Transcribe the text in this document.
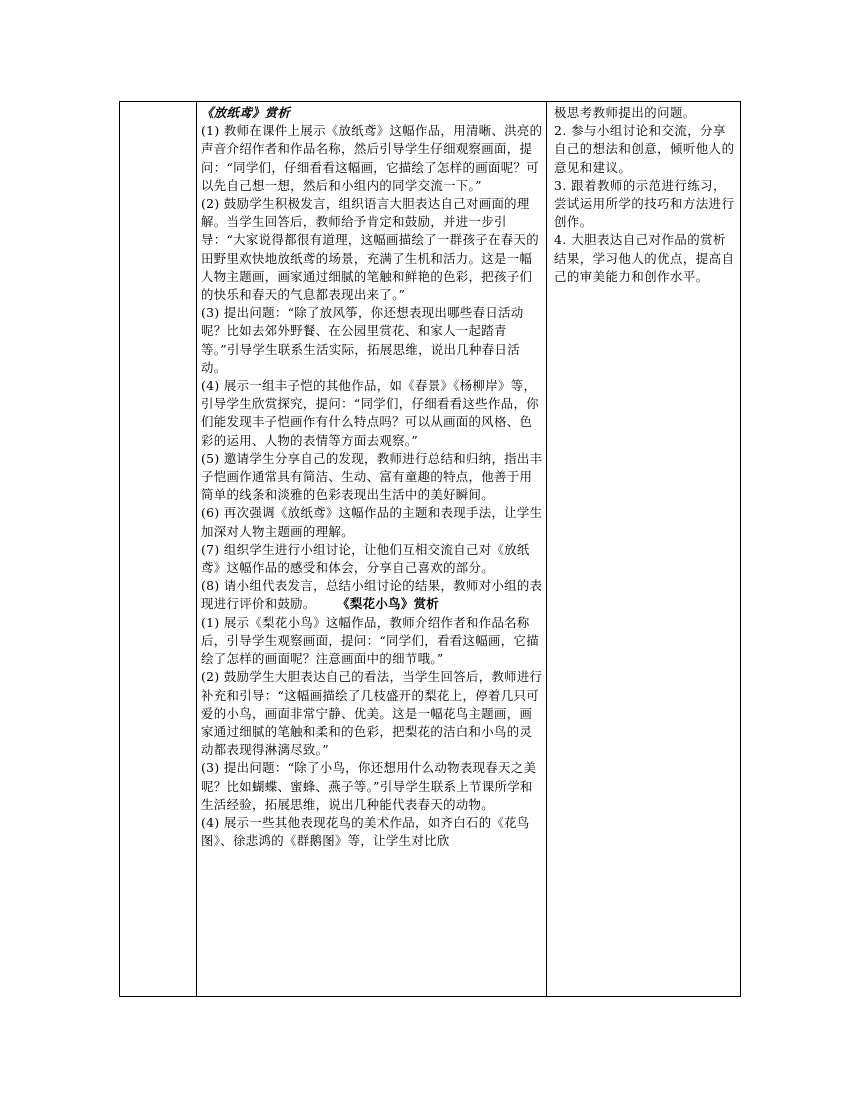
《放纸鸢》赏析

(1) 教师在课件上展示《放纸鸢》这幅作品，用清晰、洪亮的声音介绍作者和作品名称，然后引导学生仔细观察画面，提问：“同学们，仔细看看这幅画，它描绘了怎样的画面呢？可以先自己想一想，然后和小组内的同学交流一下。”

(2) 鼓励学生积极发言，组织语言大胆表达自己对画面的理解。当学生回答后，教师给予肯定和鼓励，并进一步引导：“大家说得都很有道理，这幅画描绘了一群孩子在春天的田野里欢快地放纸鸢的场景，充满了生机和活力。这是一幅人物主题画，画家通过细腻的笔触和鲜艳的色彩，把孩子们的快乐和春天的气息都表现出来了。”

(3) 提出问题：“除了放风筝，你还想表现出哪些春日活动呢？比如去郊外野餐、在公园里赏花、和家人一起踏青等。”引导学生联系生活实际，拓展思维，说出几种春日活动。

(4) 展示一组丰子恺的其他作品，如《春景》《杨柳岸》等，引导学生欣赏探究，提问：“同学们，仔细看看这些作品，你们能发现丰子恺画作有什么特点吗？可以从画面的风格、色彩的运用、人物的表情等方面去观察。”

(5) 邀请学生分享自己的发现，教师进行总结和归纳，指出丰子恺画作通常具有简洁、生动、富有童趣的特点，他善于用简单的线条和淡雅的色彩表现出生活中的美好瞬间。

(6) 再次强调《放纸鸢》这幅作品的主题和表现手法，让学生加深对人物主题画的理解。

(7) 组织学生进行小组讨论，让他们互相交流自己对《放纸鸢》这幅作品的感受和体会，分享自己喜欢的部分。

(8) 请小组代表发言，总结小组讨论的结果，教师对小组的表现进行评价和鼓励。 《梨花小鸟》赏析

(1) 展示《梨花小鸟》这幅作品，教师介绍作者和作品名称后，引导学生观察画面，提问：“同学们，看看这幅画，它描绘了怎样的画面呢？注意画面中的细节哦。”

(2) 鼓励学生大胆表达自己的看法，当学生回答后，教师进行补充和引导：“这幅画描绘了几枝盛开的梨花上，停着几只可爱的小鸟，画面非常宁静、优美。这是一幅花鸟主题画，画家通过细腻的笔触和柔和的色彩，把梨花的洁白和小鸟的灵动都表现得淋漓尽致。”

(3) 提出问题：“除了小鸟，你还想用什么动物表现春天之美呢？比如蝴蝶、蜜蜂、燕子等。”引导学生联系上节课所学和生活经验，拓展思维，说出几种能代表春天的动物。

(4) 展示一些其他表现花鸟的美术作品，如齐白石的《花鸟图》、徐悲鸿的《群鹅图》等，让学生对比欣

极思考教师提出的问题。

2. 参与小组讨论和交流，分享自己的想法和创意，倾听他人的意见和建议。

3. 跟着教师的示范进行练习，尝试运用所学的技巧和方法进行创作。

4. 大胆表达自己对作品的赏析结果，学习他人的优点，提高自己的审美能力和创作水平。
